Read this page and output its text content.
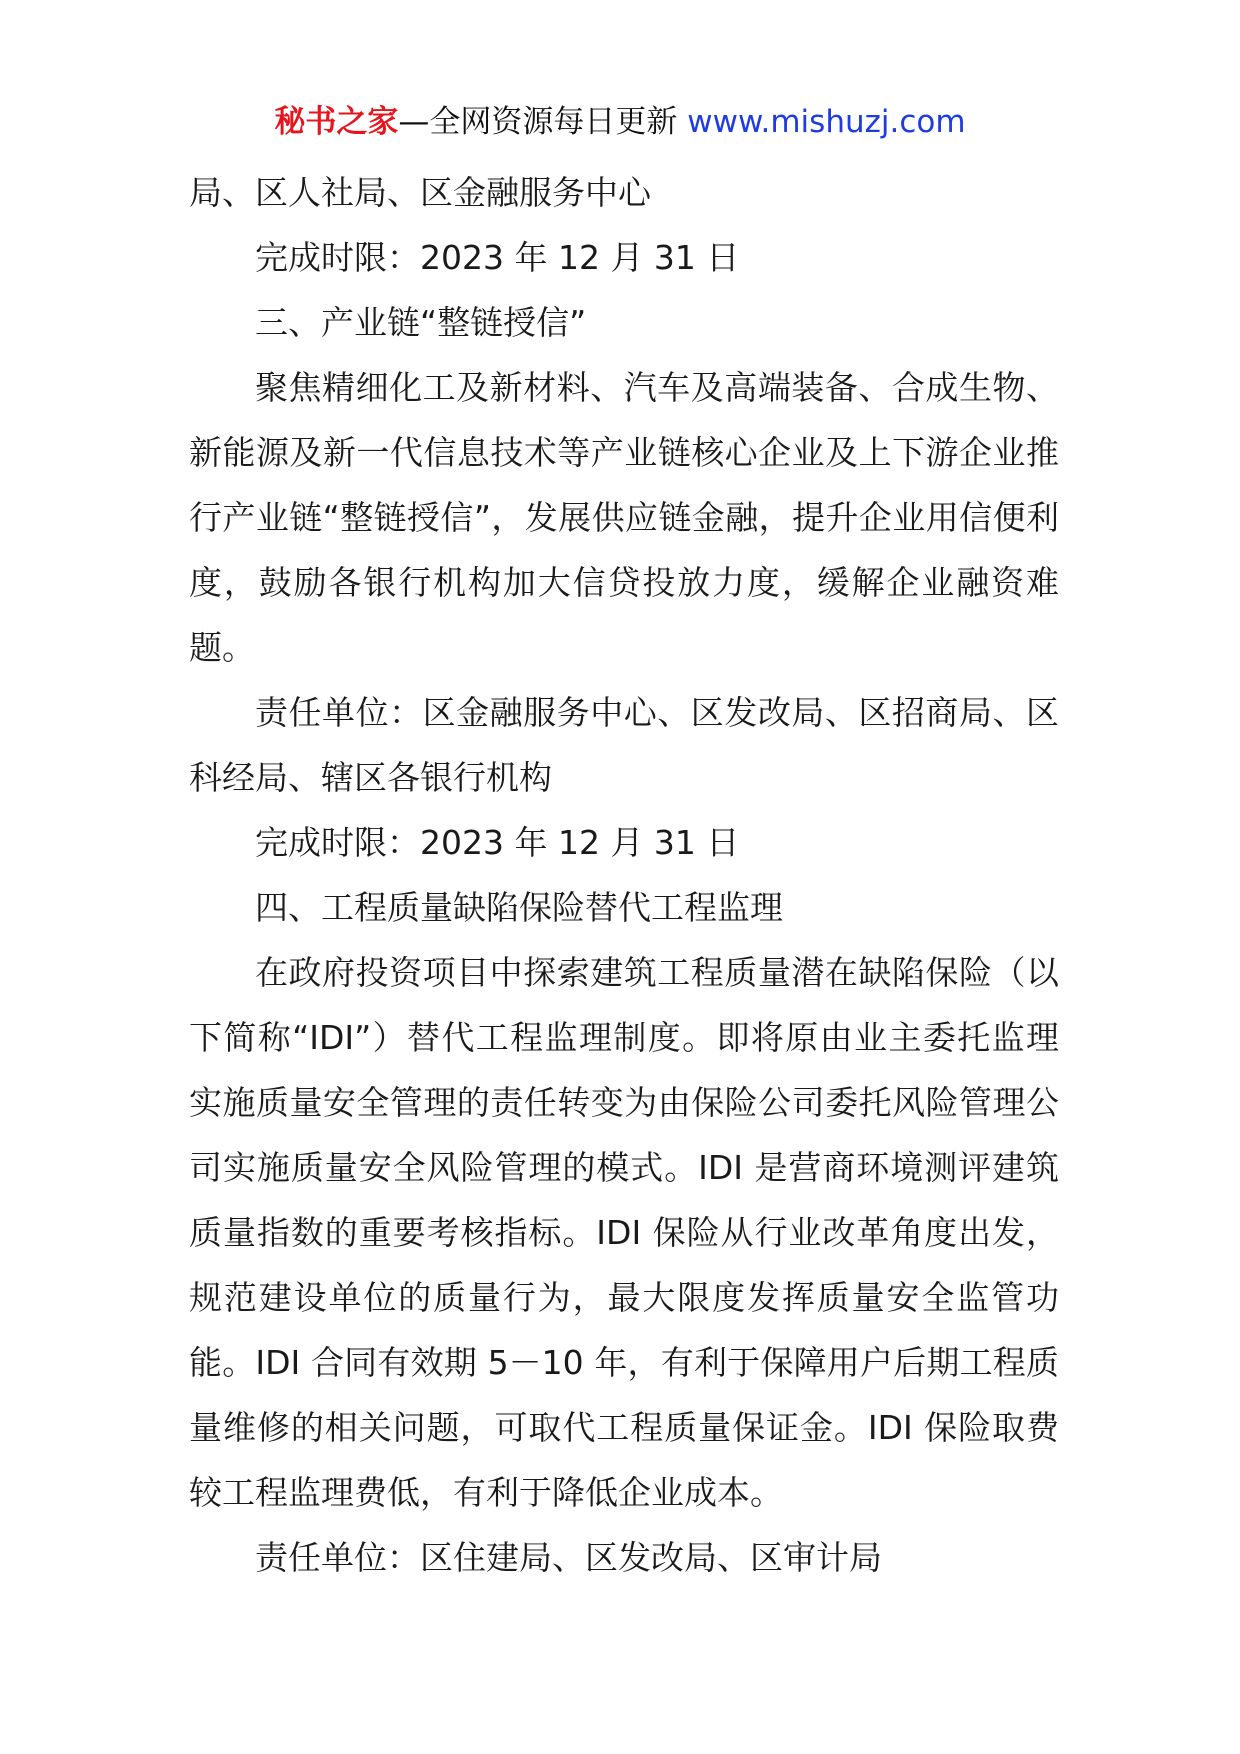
秘书之家—全网资源每日更新 www.mishuzj.com

局、区人社局、区金融服务中心

完成时限：2023 年 12 月 31 日

三、产业链“整链授信”

聚焦精细化工及新材料、汽车及高端装备、合成生物、新能源及新一代信息技术等产业链核心企业及上下游企业推行产业链“整链授信”，发展供应链金融，提升企业用信便利度，鼓励各银行机构加大信贷投放力度，缓解企业融资难题。

责任单位：区金融服务中心、区发改局、区招商局、区科经局、辖区各银行机构

完成时限：2023 年 12 月 31 日

四、工程质量缺陷保险替代工程监理

在政府投资项目中探索建筑工程质量潜在缺陷保险（以下简称“IDI”）替代工程监理制度。即将原由业主委托监理实施质量安全管理的责任转变为由保险公司委托风险管理公司实施质量安全风险管理的模式。IDI 是营商环境测评建筑质量指数的重要考核指标。IDI 保险从行业改革角度出发，规范建设单位的质量行为，最大限度发挥质量安全监管功能。IDI 合同有效期 5－10 年，有利于保障用户后期工程质量维修的相关问题，可取代工程质量保证金。IDI 保险取费较工程监理费低，有利于降低企业成本。

责任单位：区住建局、区发改局、区审计局
